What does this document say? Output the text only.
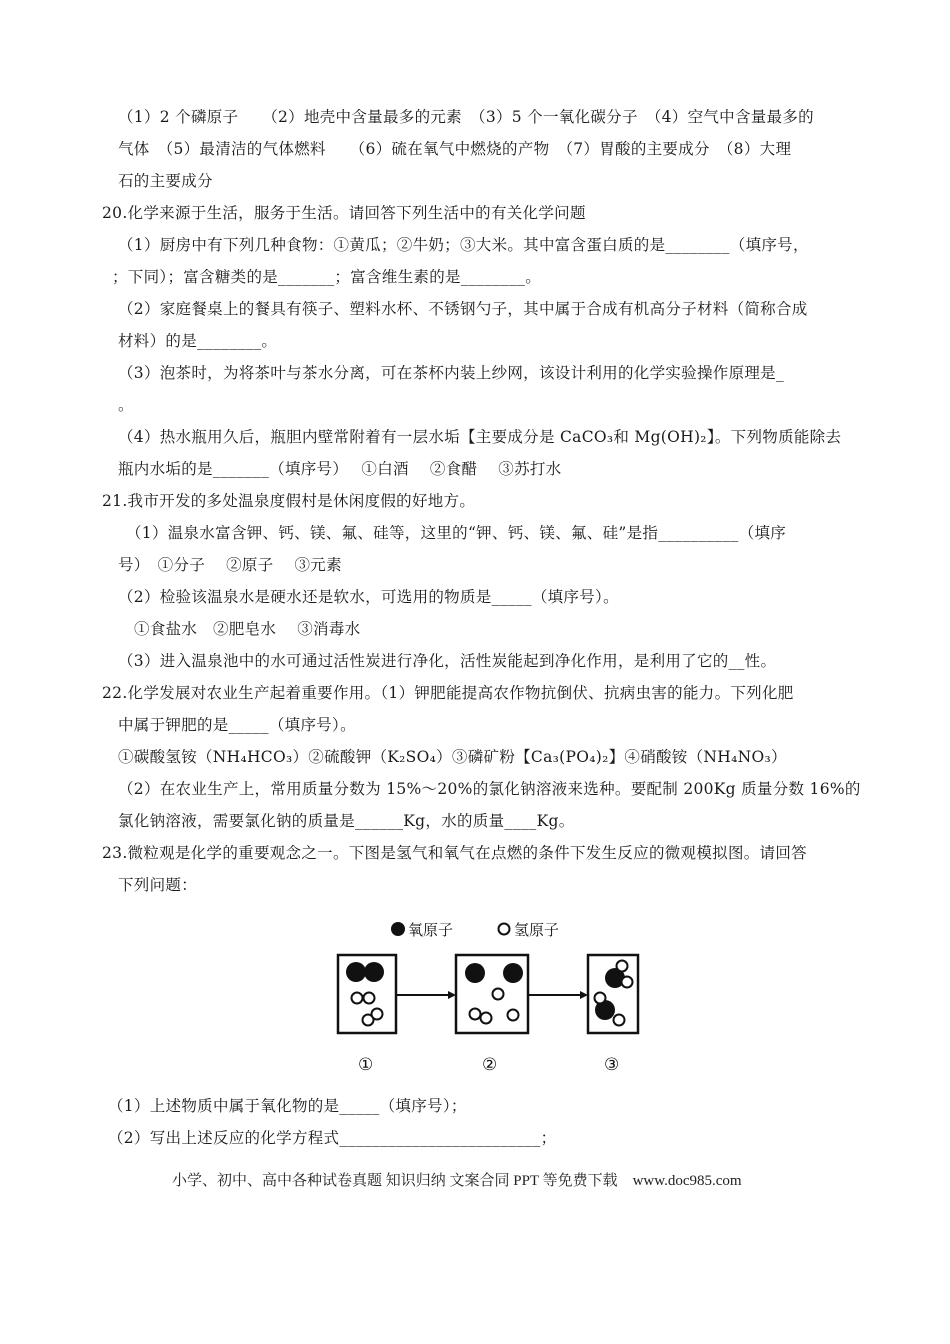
（1）2 个磷原子　　（2）地壳中含量最多的元素　（3）5 个一氧化碳分子　（4）空气中含量最多的
气体　（5）最清洁的气体燃料　　（6）硫在氧气中燃烧的产物　（7）胃酸的主要成分　（8）大理
石的主要成分
20.化学来源于生活，服务于生活。请回答下列生活中的有关化学问题
（1）厨房中有下列几种食物：①黄瓜；②牛奶；③大米。其中富含蛋白质的是________（填序号，
；下同）；富含糖类的是_______；富含维生素的是________。
（2）家庭餐桌上的餐具有筷子、塑料水杯、不锈钢勺子，其中属于合成有机高分子材料（简称合成
材料）的是________。
（3）泡茶时，为将茶叶与茶水分离，可在茶杯内装上纱网，该设计利用的化学实验操作原理是_
。
（4）热水瓶用久后，瓶胆内壁常附着有一层水垢【主要成分是 CaCO₃和 Mg(OH)₂】。下列物质能除去
瓶内水垢的是_______（填序号）　 ①白酒　 ②食醋　 ③苏打水
21.我市开发的多处温泉度假村是休闲度假的好地方。
（1）温泉水富含钾、钙、镁、氟、硅等，这里的“钾、钙、镁、氟、硅”是指__________（填序
号）　①分子　 ②原子　 ③元素
（2）检验该温泉水是硬水还是软水，可选用的物质是_____（填序号）。
①食盐水　②肥皂水　 ③消毒水
（3）进入温泉池中的水可通过活性炭进行净化，活性炭能起到净化作用，是利用了它的__性。
22.化学发展对农业生产起着重要作用。（1）钾肥能提高农作物抗倒伏、抗病虫害的能力。下列化肥
中属于钾肥的是_____（填序号）。
①碳酸氢铵（NH₄HCO₃）②硫酸钾（K₂SO₄）③磷矿粉【Ca₃(PO₄)₂】④硝酸铵（NH₄NO₃）
（2）在农业生产上，常用质量分数为 15%～20%的氯化钠溶液来选种。要配制 200Kg 质量分数 16%的
氯化钠溶液，需要氯化钠的质量是______Kg，水的质量____Kg。
23.微粒观是化学的重要观念之一。下图是氢气和氧气在点燃的条件下发生反应的微观模拟图。请回答
下列问题：
氧原子	氢原子
①	②	③
（1）上述物质中属于氧化物的是_____（填序号）；
（2）写出上述反应的化学方程式_________________________；
小学、初中、高中各种试卷真题 知识归纳 文案合同 PPT 等免费下载　www.doc985.com
